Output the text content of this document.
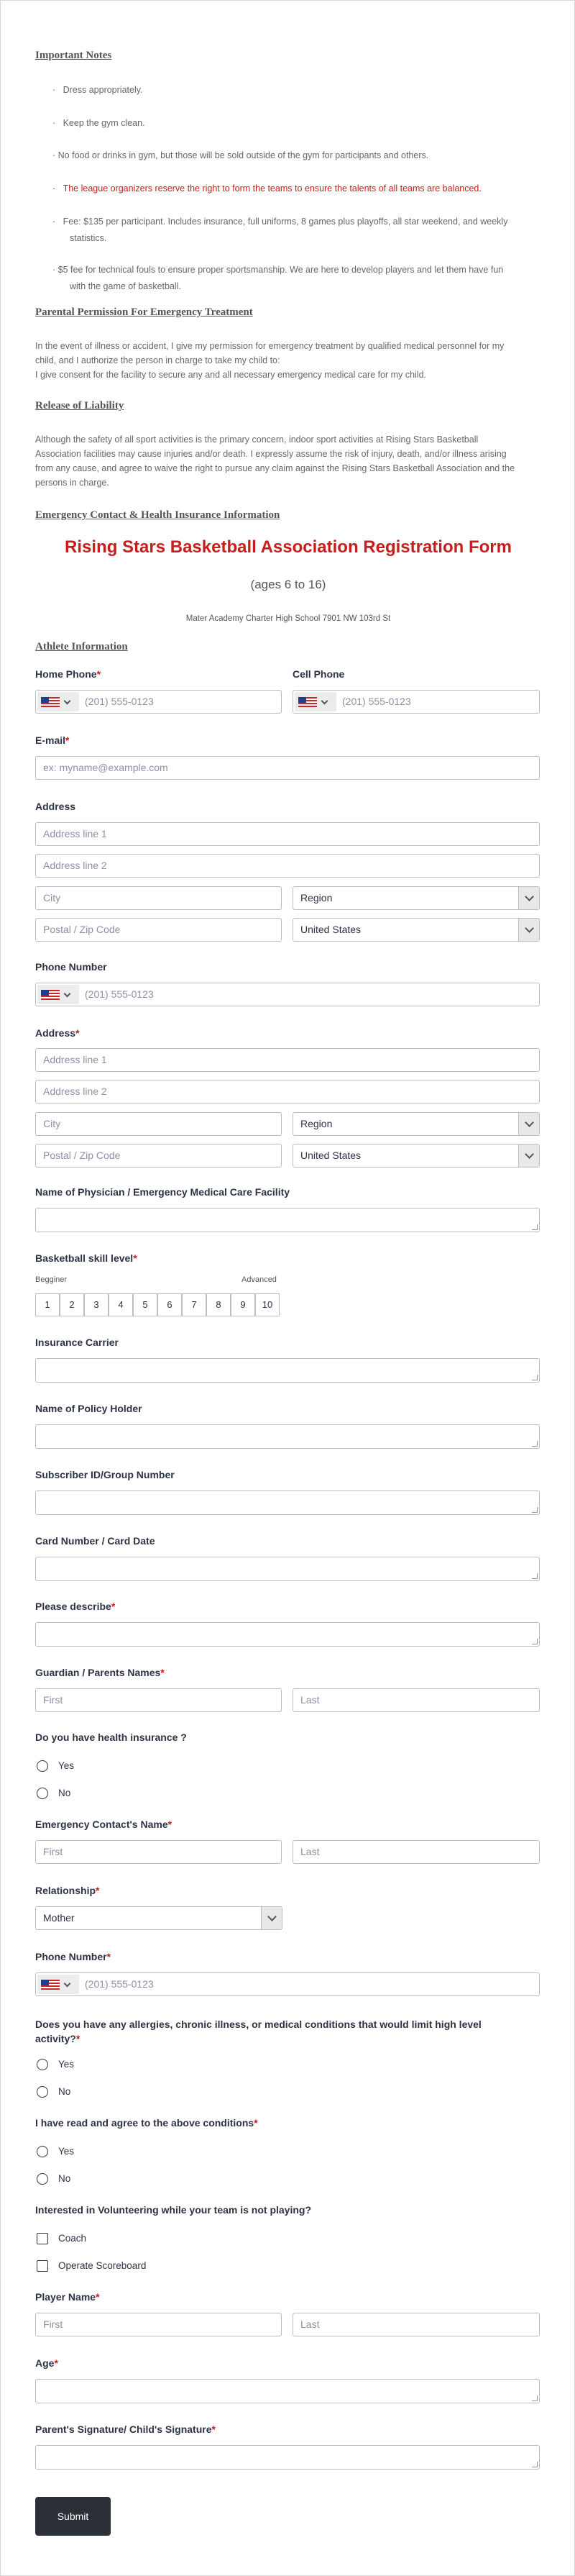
Important Notes
· Dress appropriately.
· Keep the gym clean.
· No food or drinks in gym, but those will be sold outside of the gym for participants and others.
· The league organizers reserve the right to form the teams to ensure the talents of all teams are balanced.
· Fee: $135 per participant. Includes insurance, full uniforms, 8 games plus playoffs, all star weekend, and weekly
statistics.
· $5 fee for technical fouls to ensure proper sportsmanship. We are here to develop players and let them have fun
with the game of basketball.
Parental Permission For Emergency Treatment
In the event of illness or accident, I give my permission for emergency treatment by qualified medical personnel for my
child, and I authorize the person in charge to take my child to:
I give consent for the facility to secure any and all necessary emergency medical care for my child.
Release of Liability
Although the safety of all sport activities is the primary concern, indoor sport activities at Rising Stars Basketball
Association facilities may cause injuries and/or death. I expressly assume the risk of injury, death, and/or illness arising
from any cause, and agree to waive the right to pursue any claim against the Rising Stars Basketball Association and the
persons in charge.
Emergency Contact & Health Insurance Information
Rising Stars Basketball Association Registration Form
(ages 6 to 16)
Mater Academy Charter High School 7901 NW 103rd St
Athlete Information
Home Phone*	Cell Phone
(201) 555-0123	(201) 555-0123
E-mail*
ex: myname@example.com
Address
Address line 1
Address line 2
City	Region
Postal / Zip Code	United States
Phone Number
(201) 555-0123
Address*
Address line 1
Address line 2
City	Region
Postal / Zip Code	United States
Name of Physician / Emergency Medical Care Facility
Basketball skill level*
Begginer	Advanced
1	2	3	4	5	6	7	8	9	10
Insurance Carrier
Name of Policy Holder
Subscriber ID/Group Number
Card Number / Card Date
Please describe*
Guardian / Parents Names*
First	Last
Do you have health insurance ?
Yes
No
Emergency Contact's Name*
First	Last
Relationship*
Mother
Phone Number*
(201) 555-0123
Does you have any allergies, chronic illness, or medical conditions that would limit high level
activity?*
Yes
No
I have read and agree to the above conditions*
Yes
No
Interested in Volunteering while your team is not playing?
Coach
Operate Scoreboard
Player Name*
First	Last
Age*
Parent's Signature/ Child's Signature*
Submit
